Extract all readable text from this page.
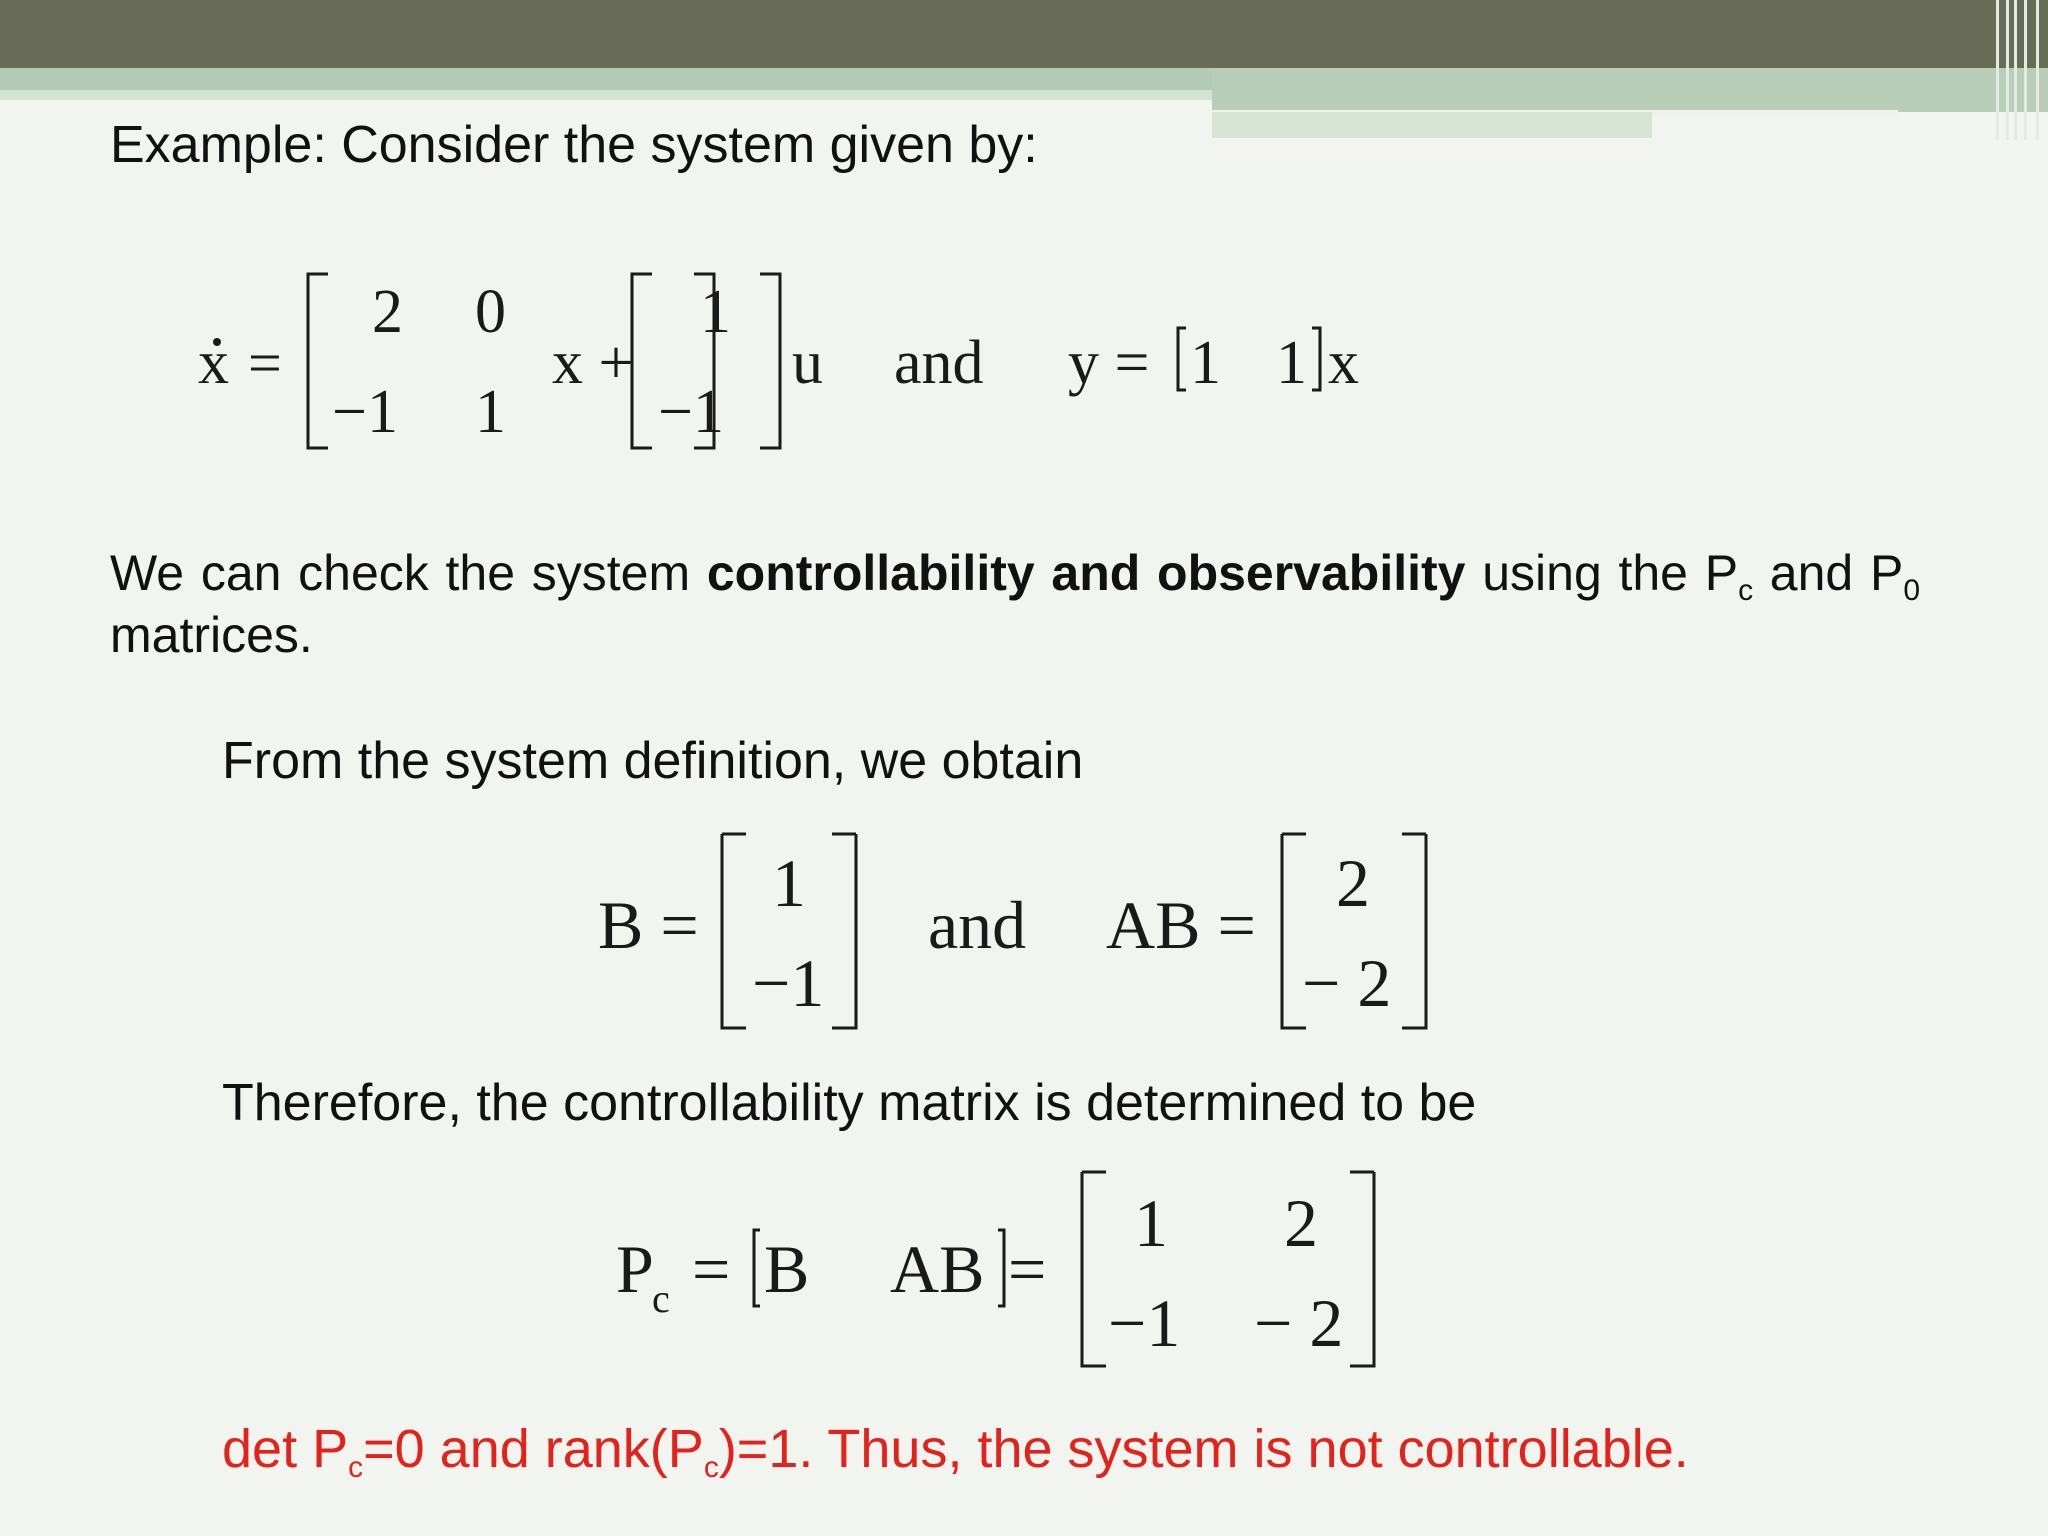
Example: Consider the system given by:
x =
2 0
−1 1
x +
1
−1
u and y = 1 1 x
We can check the system controllability and observability using the $P_c$ and $P_0$ matrices.
From the system definition, we obtain
B =
1
−1
and AB =
2
− 2
Therefore, the controllability matrix is determined to be
P
c = B AB =
1 2
−1 − 2
$\det P_c=0$ and $rank(P_c)=1$. Thus, the system is not controllable.
